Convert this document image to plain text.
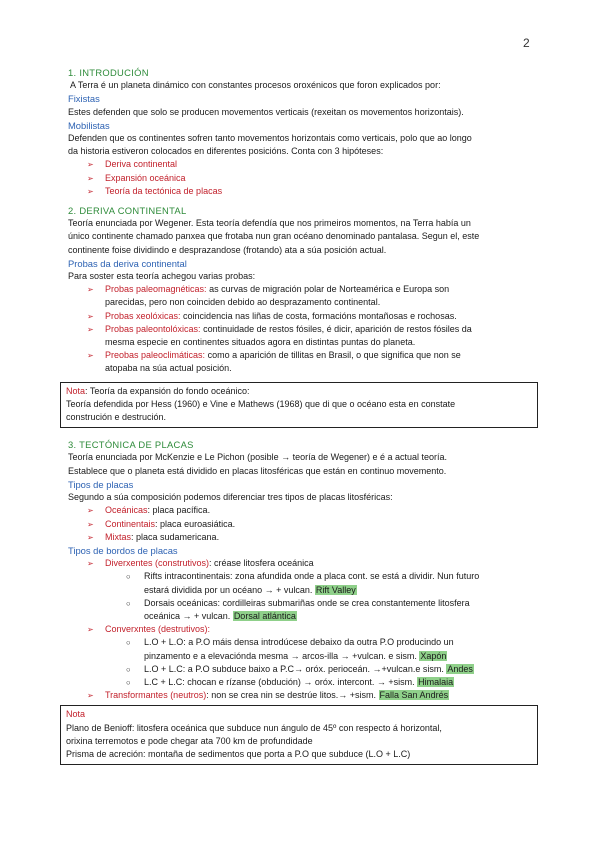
2
1. INTRODUCIÓN
A Terra é un planeta dinámico con constantes procesos oroxénicos que foron explicados por:
Fixistas
Estes defenden que solo se producen movementos verticais (rexeitan os movementos horizontais).
Mobilistas
Defenden que os continentes sofren tanto movementos horizontais como verticais, polo que ao longo
da historia estiveron colocados en diferentes posicións. Conta con 3 hipóteses:
➢ Deriva continental
➢ Expansión oceánica
➢ Teoría da tectónica de placas
2. DERIVA CONTINENTAL
Teoría enunciada por Wegener. Esta teoría defendía que nos primeiros momentos, na Terra había un
único continente chamado panxea que frotaba nun gran océano denominado pantalasa. Segun el, este
continente foise dividindo e desprazandose (frotando) ata a súa posición actual.
Probas da deriva continental
Para soster esta teoría achegou varias probas:
➢ Probas paleomagnéticas: as curvas de migración polar de Norteamérica e Europa son
parecidas, pero non coinciden debido ao desprazamento continental.
➢ Probas xeolóxicas: coincidencia nas liñas de costa, formacións montañosas e rochosas.
➢ Probas paleontolóxicas: continuidade de restos fósiles, é dicir, aparición de restos fósiles da
mesma especie en continentes situados agora en distintas puntas do planeta.
➢ Preobas paleoclimáticas: como a aparición de tillitas en Brasil, o que significa que non se
atopaba na súa actual posición.
Nota: Teoría da expansión do fondo oceánico:
Teoría defendida por Hess (1960) e Vine e Mathews (1968) que di que o océano esta en constate
construción e destrución.
3. TECTÓNICA DE PLACAS
Teoría enunciada por McKenzie e Le Pichon (posible → teoría de Wegener) e é a actual teoría.
Establece que o planeta está dividido en placas litosféricas que están en continuo movemento.
Tipos de placas
Segundo a súa composición podemos diferenciar tres tipos de placas litosféricas:
➢ Oceánicas: placa pacífica.
➢ Continentais: placa euroasiática.
➢ Mixtas: placa sudamericana.
Tipos de bordos de placas
➢ Diverxentes (construtivos): créase litosfera oceánica
○ Rifts intracontinentais: zona afundida onde a placa cont. se está a dividir. Nun futuro
estará dividida por un océano → + vulcan. Rift Valley
○ Dorsais oceánicas: cordilleiras submariñas onde se crea constantemente litosfera
oceánica → + vulcan. Dorsal atlántica
➢ Converxntes (destrutivos):
○ L.O + L.O: a P.O máis densa introdúcese debaixo da outra P.O producindo un
pinzamento e a elevaciónda mesma → arcos-illa → +vulcan. e sism. Xapón
○ L.O + L.C: a P.O subduce baixo a P.C→ oróx. perioceán. →+vulcan.e sism. Andes
○ L.C + L.C: chocan e rízanse (obdución) → oróx. intercont. → +sism. Himalaia
➢ Transformantes (neutros): non se crea nin se destrúe litos.→ +sism. Falla San Andrés
Nota
Plano de Benioff: litosfera oceánica que subduce nun ángulo de 45º con respecto á horizontal,
orixina terremotos e pode chegar ata 700 km de profundidade
Prisma de acreción: montaña de sedimentos que porta a P.O que subduce (L.O + L.C)
